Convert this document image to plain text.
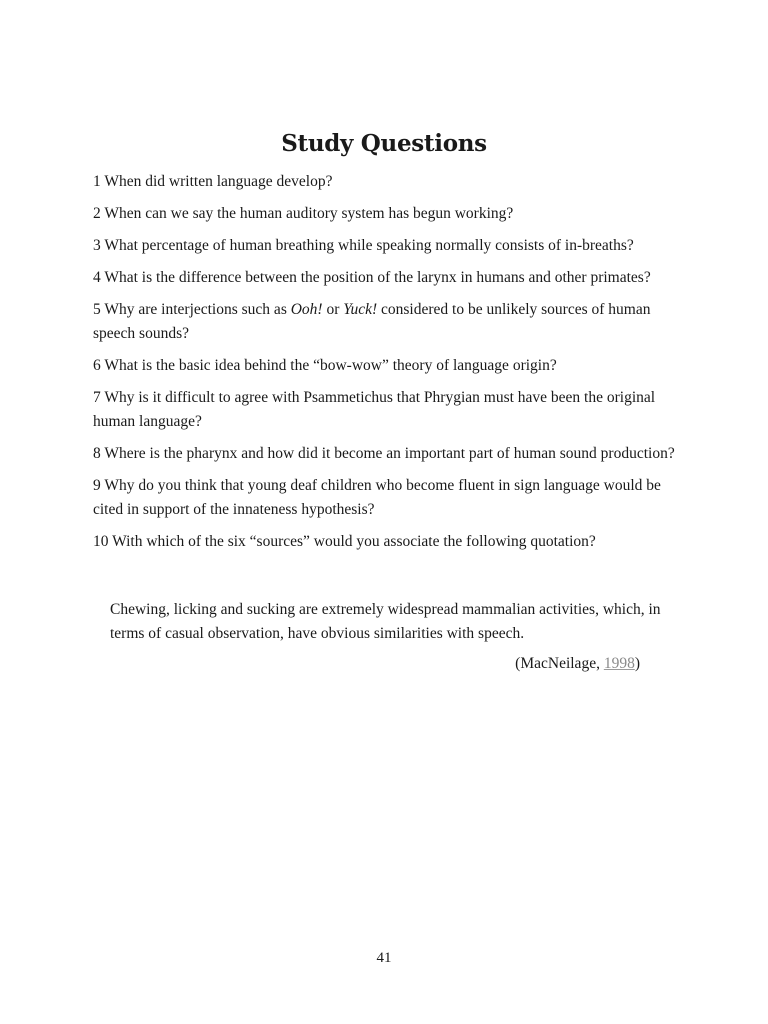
Study Questions

1 When did written language develop?

2 When can we say the human auditory system has begun working?

3 What percentage of human breathing while speaking normally consists of in-breaths?

4 What is the difference between the position of the larynx in humans and other primates?

5 Why are interjections such as Ooh! or Yuck! considered to be unlikely sources of human speech sounds?

6 What is the basic idea behind the “bow-wow” theory of language origin?

7 Why is it difficult to agree with Psammetichus that Phrygian must have been the original human language?

8 Where is the pharynx and how did it become an important part of human sound production?

9 Why do you think that young deaf children who become fluent in sign language would be cited in support of the innateness hypothesis?

10 With which of the six “sources” would you associate the following quotation?

Chewing, licking and sucking are extremely widespread mammalian activities, which, in terms of casual observation, have obvious similarities with speech.
(MacNeilage, 1998)
41
